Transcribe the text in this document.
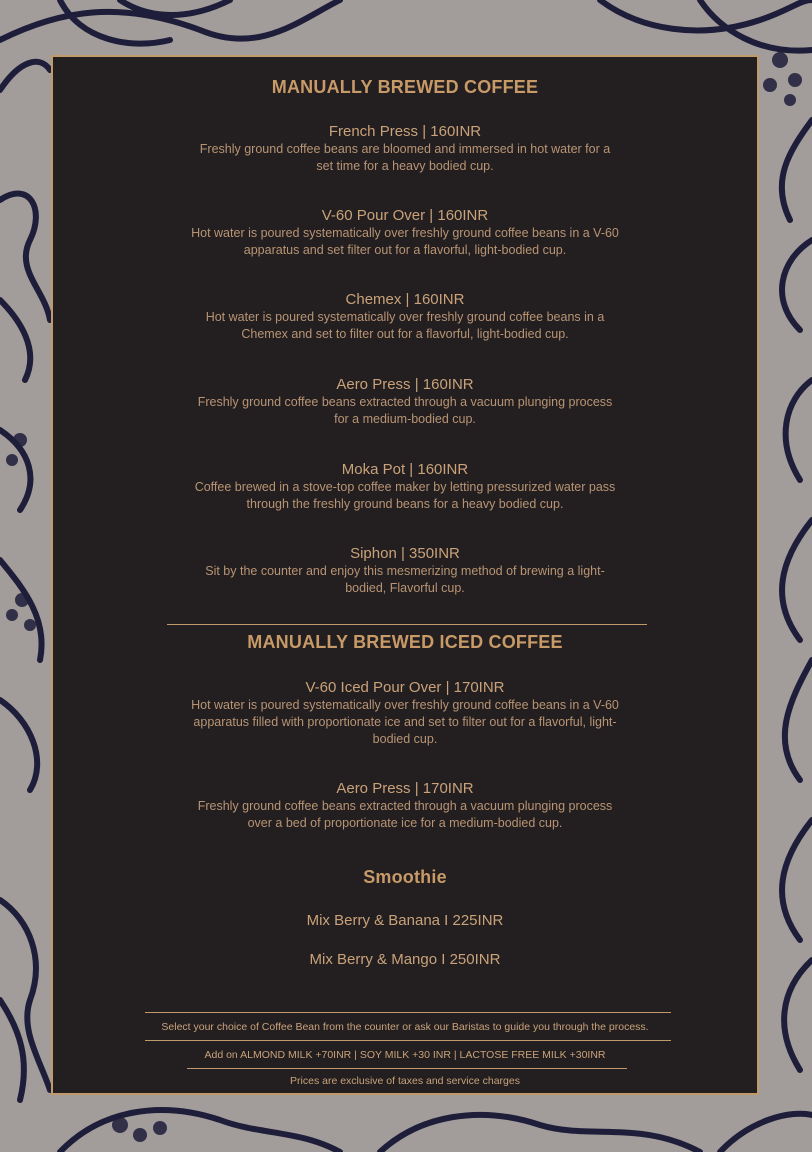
MANUALLY BREWED COFFEE
French Press | 160INR
Freshly ground coffee beans are bloomed and immersed in hot water for a set time for a heavy bodied cup.
V-60 Pour Over | 160INR
Hot water is poured systematically over freshly ground coffee beans in a V-60 apparatus and set filter out for a flavorful, light-bodied cup.
Chemex | 160INR
Hot water is poured systematically over freshly ground coffee beans in a Chemex and set to filter out for a flavorful, light-bodied cup.
Aero Press | 160INR
Freshly ground coffee beans extracted through a vacuum plunging process for a medium-bodied cup.
Moka Pot | 160INR
Coffee brewed in a stove-top coffee maker by letting pressurized water pass through the freshly ground beans for a heavy bodied cup.
Siphon | 350INR
Sit by the counter and enjoy this mesmerizing method of brewing a light-bodied, Flavorful cup.
MANUALLY BREWED ICED COFFEE
V-60 Iced Pour Over | 170INR
Hot water is poured systematically over freshly ground coffee beans in a V-60 apparatus filled with proportionate ice and set to filter out for a flavorful, light-bodied cup.
Aero Press | 170INR
Freshly ground coffee beans extracted through a vacuum plunging process over a bed of proportionate ice for a medium-bodied cup.
Smoothie
Mix Berry & Banana I 225INR
Mix Berry & Mango I 250INR
Select your choice of Coffee Bean from the counter or ask our Baristas to guide you through the process.
Add on ALMOND MILK +70INR | SOY MILK +30 INR | LACTOSE FREE MILK +30INR
Prices are exclusive of taxes and service charges
